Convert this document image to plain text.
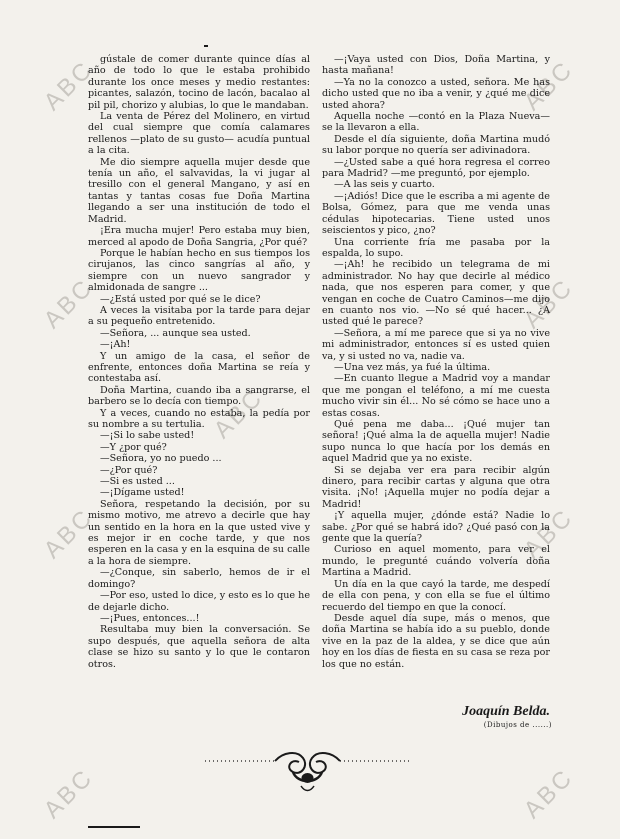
ABC	ABC
ABC	ABC
ABC
ABC	ABC
ABC	ABC

gústale de comer durante quince días al año de todo lo que le estaba prohibido durante los once meses y medio restantes: picantes, salazón, tocino de lacón, bacalao al pil pil, chorizo y alubias, lo que le mandaban.

La venta de Pérez del Molinero, en virtud del cual siempre que comía calamares rellenos —plato de su gusto— acudía puntual a la cita.

Me dio siempre aquella mujer desde que tenía un año, el salvavidas, la vi jugar al tresillo con el general Mangano, y así en tantas y tantas cosas fue Doña Martina llegando a ser una institución de todo el Madrid.

¡Era mucha mujer! Pero estaba muy bien, merced al apodo de Doña Sangria, ¿Por qué?

Porque le habían hecho en sus tiempos los cirujanos, las cinco sangrías al año, y siempre con un nuevo sangrador y almidonada de sangre ...

—¿Está usted por qué se le dice?

A veces la visitaba por la tarde para dejar a su pequeño entretenido.

—Señora, ... aunque sea usted.

—¡Ah!

Y un amigo de la casa, el señor de enfrente, entonces doña Martina se reía y contestaba así.

Doña Martina, cuando iba a sangrarse, el barbero se lo decía con tiempo.

Y a veces, cuando no estaba, la pedía por su nombre a su tertulia.

—¡Si lo sabe usted!

—Y ¿por qué?

—Señora, yo no puedo ...

—¿Por qué?

—Si es usted ...

—¡Dígame usted!

Señora, respetando la decisión, por su mismo motivo, me atrevo a decirle que hay un sentido en la hora en la que usted vive y es mejor ir en coche tarde, y que nos esperen en la casa y en la esquina de su calle a la hora de siempre.

—¿Conque, sin saberlo, hemos de ir el domingo?

—Por eso, usted lo dice, y esto es lo que he de dejarle dicho.

—¡Pues, entonces...!

Resultaba muy bien la conversación. Se supo después, que aquella señora de alta clase se hizo su santo y lo que le contaron otros.

—¡Vaya usted con Dios, Doña Martina, y hasta mañana!

—Ya no la conozco a usted, señora. Me has dicho usted que no iba a venir, y ¿qué me dice usted ahora?

Aquella noche —contó en la Plaza Nueva— se la llevaron a ella.

Desde el día siguiente, doña Martina mudó su labor porque no quería ser adivinadora.

—¿Usted sabe a qué hora regresa el correo para Madrid? —me preguntó, por ejemplo.

—A las seis y cuarto.

—¡Adiós! Dice que le escriba a mi agente de Bolsa, Gómez, para que me venda unas cédulas hipotecarias. Tiene usted unos seiscientos y pico, ¿no?

Una corriente fría me pasaba por la espalda, lo supo.

—¡Ah! he recibido un telegrama de mi administrador. No hay que decirle al médico nada, que nos esperen para comer, y que vengan en coche de Cuatro Caminos—me dijo en cuanto nos vio. —No sé qué hacer... ¿A usted qué le parece?

—Señora, a mí me parece que si ya no vive mi administrador, entonces sí es usted quien va, y si usted no va, nadie va.

—Una vez más, ya fué la última.

—En cuanto llegue a Madrid voy a mandar que me pongan el teléfono, a mí me cuesta mucho vivir sin él... No sé cómo se hace uno a estas cosas.

Qué pena me daba... ¡Qué mujer tan señora! ¡Qué alma la de aquella mujer! Nadie supo nunca lo que hacía por los demás en aquel Madrid que ya no existe.

Si se dejaba ver era para recibir algún dinero, para recibir cartas y alguna que otra visita. ¡No! ¡Aquella mujer no podía dejar a Madrid!

¡Y aquella mujer, ¿dónde está? Nadie lo sabe. ¿Por qué se habrá ido? ¿Qué pasó con la gente que la quería?

Curioso en aquel momento, para ver el mundo, le pregunté cuándo volvería doña Martina a Madrid.

Un día en la que cayó la tarde, me despedí de ella con pena, y con ella se fue el último recuerdo del tiempo en que la conocí.

Desde aquel día supe, más o menos, que doña Martina se había ido a su pueblo, donde vive en la paz de la aldea, y se dice que aún hoy en los días de fiesta en su casa se reza por los que no están.

Joaquín Belda.
(Dibujos de ......)
